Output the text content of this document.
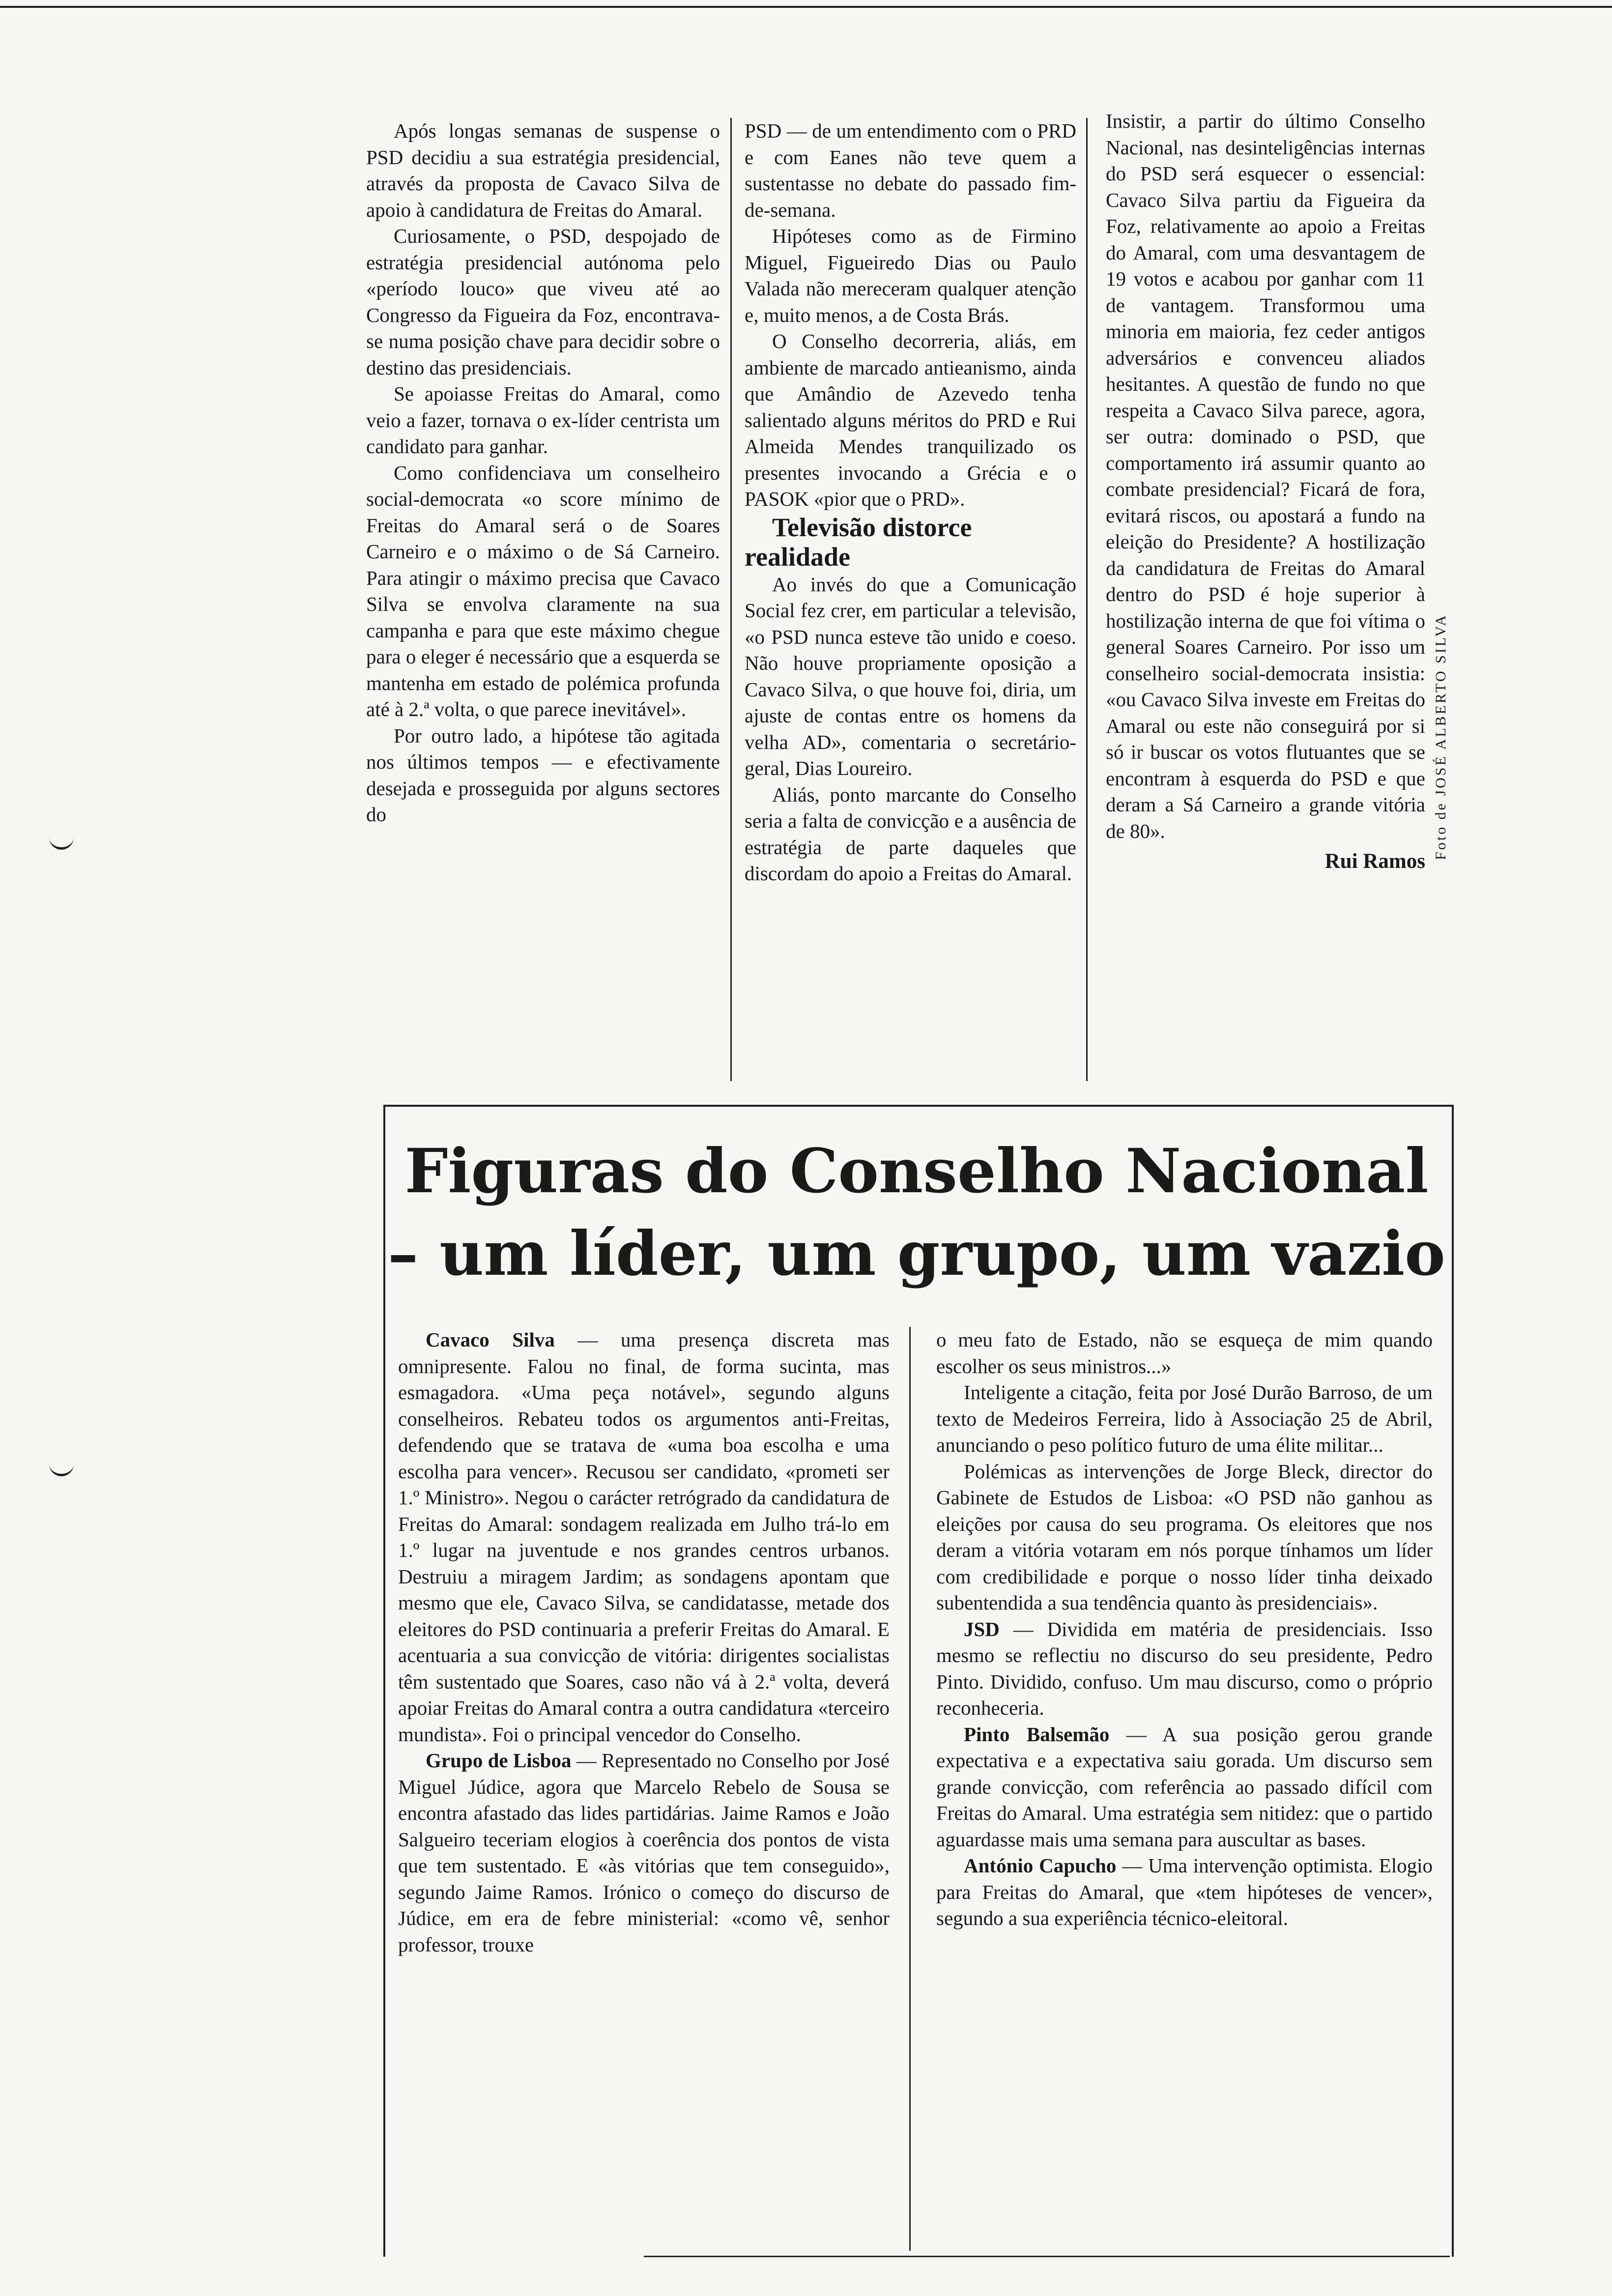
Após longas semanas de suspense o PSD decidiu a sua estratégia presidencial, através da proposta de Cavaco Silva de apoio à candidatura de Freitas do Amaral.

Curiosamente, o PSD, despojado de estratégia presidencial autónoma pelo «período louco» que viveu até ao Congresso da Figueira da Foz, encontrava-se numa posição chave para decidir sobre o destino das presidenciais.

Se apoiasse Freitas do Amaral, como veio a fazer, tornava o ex-líder centrista um candidato para ganhar.

Como confidenciava um conselheiro social-democrata «o score mínimo de Freitas do Amaral será o de Soares Carneiro e o máximo o de Sá Carneiro. Para atingir o máximo precisa que Cavaco Silva se envolva claramente na sua campanha e para que este máximo chegue para o eleger é necessário que a esquerda se mantenha em estado de polémica profunda até à 2.ª volta, o que parece inevitável».

Por outro lado, a hipótese tão agitada nos últimos tempos — e efectivamente desejada e prosseguida por alguns sectores do

PSD — de um entendimento com o PRD e com Eanes não teve quem a sustentasse no debate do passado fim-de-semana.

Hipóteses como as de Firmino Miguel, Figueiredo Dias ou Paulo Valada não mereceram qualquer atenção e, muito menos, a de Costa Brás.

O Conselho decorreria, aliás, em ambiente de marcado antieanismo, ainda que Amândio de Azevedo tenha salientado alguns méritos do PRD e Rui Almeida Mendes tranquilizado os presentes invocando a Grécia e o PASOK «pior que o PRD».

Televisão distorce realidade

Ao invés do que a Comunicação Social fez crer, em particular a televisão, «o PSD nunca esteve tão unido e coeso. Não houve propriamente oposição a Cavaco Silva, o que houve foi, diria, um ajuste de contas entre os homens da velha AD», comentaria o secretário-geral, Dias Loureiro.

Aliás, ponto marcante do Conselho seria a falta de convicção e a ausência de estratégia de parte daqueles que discordam do apoio a Freitas do Amaral.

Insistir, a partir do último Conselho Nacional, nas desinteligências internas do PSD será esquecer o essencial: Cavaco Silva partiu da Figueira da Foz, relativamente ao apoio a Freitas do Amaral, com uma desvantagem de 19 votos e acabou por ganhar com 11 de vantagem. Transformou uma minoria em maioria, fez ceder antigos adversários e convenceu aliados hesitantes. A questão de fundo no que respeita a Cavaco Silva parece, agora, ser outra: dominado o PSD, que comportamento irá assumir quanto ao combate presidencial? Ficará de fora, evitará riscos, ou apostará a fundo na eleição do Presidente? A hostilização da candidatura de Freitas do Amaral dentro do PSD é hoje superior à hostilização interna de que foi vítima o general Soares Carneiro. Por isso um conselheiro social-democrata insistia: «ou Cavaco Silva investe em Freitas do Amaral ou este não conseguirá por si só ir buscar os votos flutuantes que se encontram à esquerda do PSD e que deram a Sá Carneiro a grande vitória de 80».

Rui Ramos

Foto de JOSÉ ALBERTO SILVA
Figuras do Conselho Nacional
– um líder, um grupo, um vazio

Cavaco Silva — uma presença discreta mas omnipresente. Falou no final, de forma sucinta, mas esmagadora. «Uma peça notável», segundo alguns conselheiros. Rebateu todos os argumentos anti-Freitas, defendendo que se tratava de «uma boa escolha e uma escolha para vencer». Recusou ser candidato, «prometi ser 1.º Ministro». Negou o carácter retrógrado da candidatura de Freitas do Amaral: sondagem realizada em Julho trá-lo em 1.º lugar na juventude e nos grandes centros urbanos. Destruiu a miragem Jardim; as sondagens apontam que mesmo que ele, Cavaco Silva, se candidatasse, metade dos eleitores do PSD continuaria a preferir Freitas do Amaral. E acentuaria a sua convicção de vitória: dirigentes socialistas têm sustentado que Soares, caso não vá à 2.ª volta, deverá apoiar Freitas do Amaral contra a outra candidatura «terceiro mundista». Foi o principal vencedor do Conselho.

Grupo de Lisboa — Representado no Conselho por José Miguel Júdice, agora que Marcelo Rebelo de Sousa se encontra afastado das lides partidárias. Jaime Ramos e João Salgueiro teceriam elogios à coerência dos pontos de vista que tem sustentado. E «às vitórias que tem conseguido», segundo Jaime Ramos. Irónico o começo do discurso de Júdice, em era de febre ministerial: «como vê, senhor professor, trouxe

o meu fato de Estado, não se esqueça de mim quando escolher os seus ministros...»

Inteligente a citação, feita por José Durão Barroso, de um texto de Medeiros Ferreira, lido à Associação 25 de Abril, anunciando o peso político futuro de uma élite militar...

Polémicas as intervenções de Jorge Bleck, director do Gabinete de Estudos de Lisboa: «O PSD não ganhou as eleições por causa do seu programa. Os eleitores que nos deram a vitória votaram em nós porque tínhamos um líder com credibilidade e porque o nosso líder tinha deixado subentendida a sua tendência quanto às presidenciais».

JSD — Dividida em matéria de presidenciais. Isso mesmo se reflectiu no discurso do seu presidente, Pedro Pinto. Dividido, confuso. Um mau discurso, como o próprio reconheceria.

Pinto Balsemão — A sua posição gerou grande expectativa e a expectativa saiu gorada. Um discurso sem grande convicção, com referência ao passado difícil com Freitas do Amaral. Uma estratégia sem nitidez: que o partido aguardasse mais uma semana para auscultar as bases.

António Capucho — Uma intervenção optimista. Elogio para Freitas do Amaral, que «tem hipóteses de vencer», segundo a sua experiência técnico-eleitoral.
